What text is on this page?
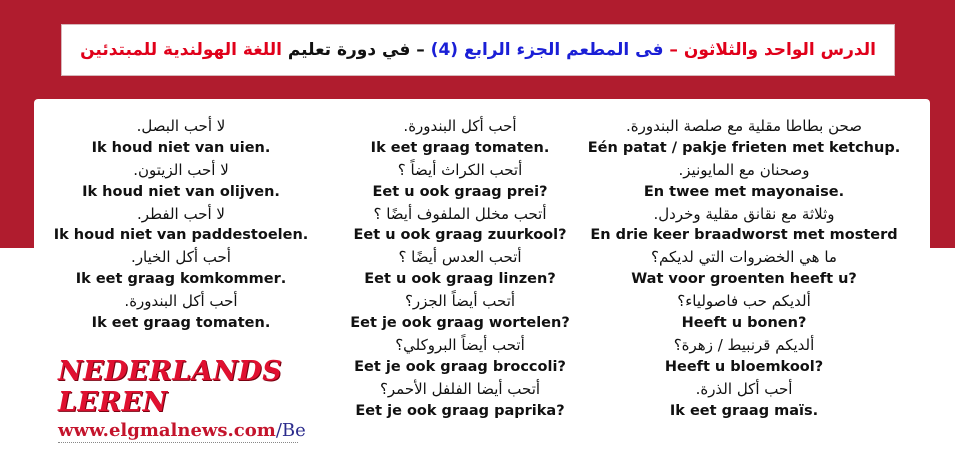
الدرس الواحد والثلاثون – فى المطعم الجزء الرابع (4) – في دورة تعليم اللغة الهولندية للمبتدئين
صحن بطاطا مقلية مع صلصة البندورة.
.Eén patat / pakje frieten met ketchup
وصحنان مع المايونيز.
.En twee met mayonaise
وثلاثة مع نقانق مقلية وخردل.
En drie keer braadworst met mosterd
ما هي الخضروات التي لديكم؟
?Wat voor groenten heeft u
ألديكم حب فاصولياء؟
?Heeft u bonen
ألديكم قرنبيط / زهرة؟
?Heeft u bloemkool
أحب أكل الذرة.
.Ik eet graag maïs
أحب أكل البندورة.
.Ik eet graag tomaten
أتحب الكراث أيضاً ؟
?Eet u ook graag prei
أتحب مخلل الملفوف أيضًا ؟
?Eet u ook graag zuurkool
أتحب العدس أيضًا ؟
?Eet u ook graag linzen
أتحب أيضاً الجزر؟
?Eet je ook graag wortelen
أتحب أيضاً البروكلي؟
?Eet je ook graag broccoli
أتحب أيضا الفلفل الأحمر؟
?Eet je ook graag paprika
لا أحب البصل.
.Ik houd niet van uien
لا أحب الزيتون.
.Ik houd niet van olijven
لا أحب الفطر.
.Ik houd niet van paddestoelen
أحب أكل الخيار.
.Ik eet graag komkommer
أحب أكل البندورة.
.Ik eet graag tomaten
NEDERLANDS LEREN
www.elgmalnews.com/Be
